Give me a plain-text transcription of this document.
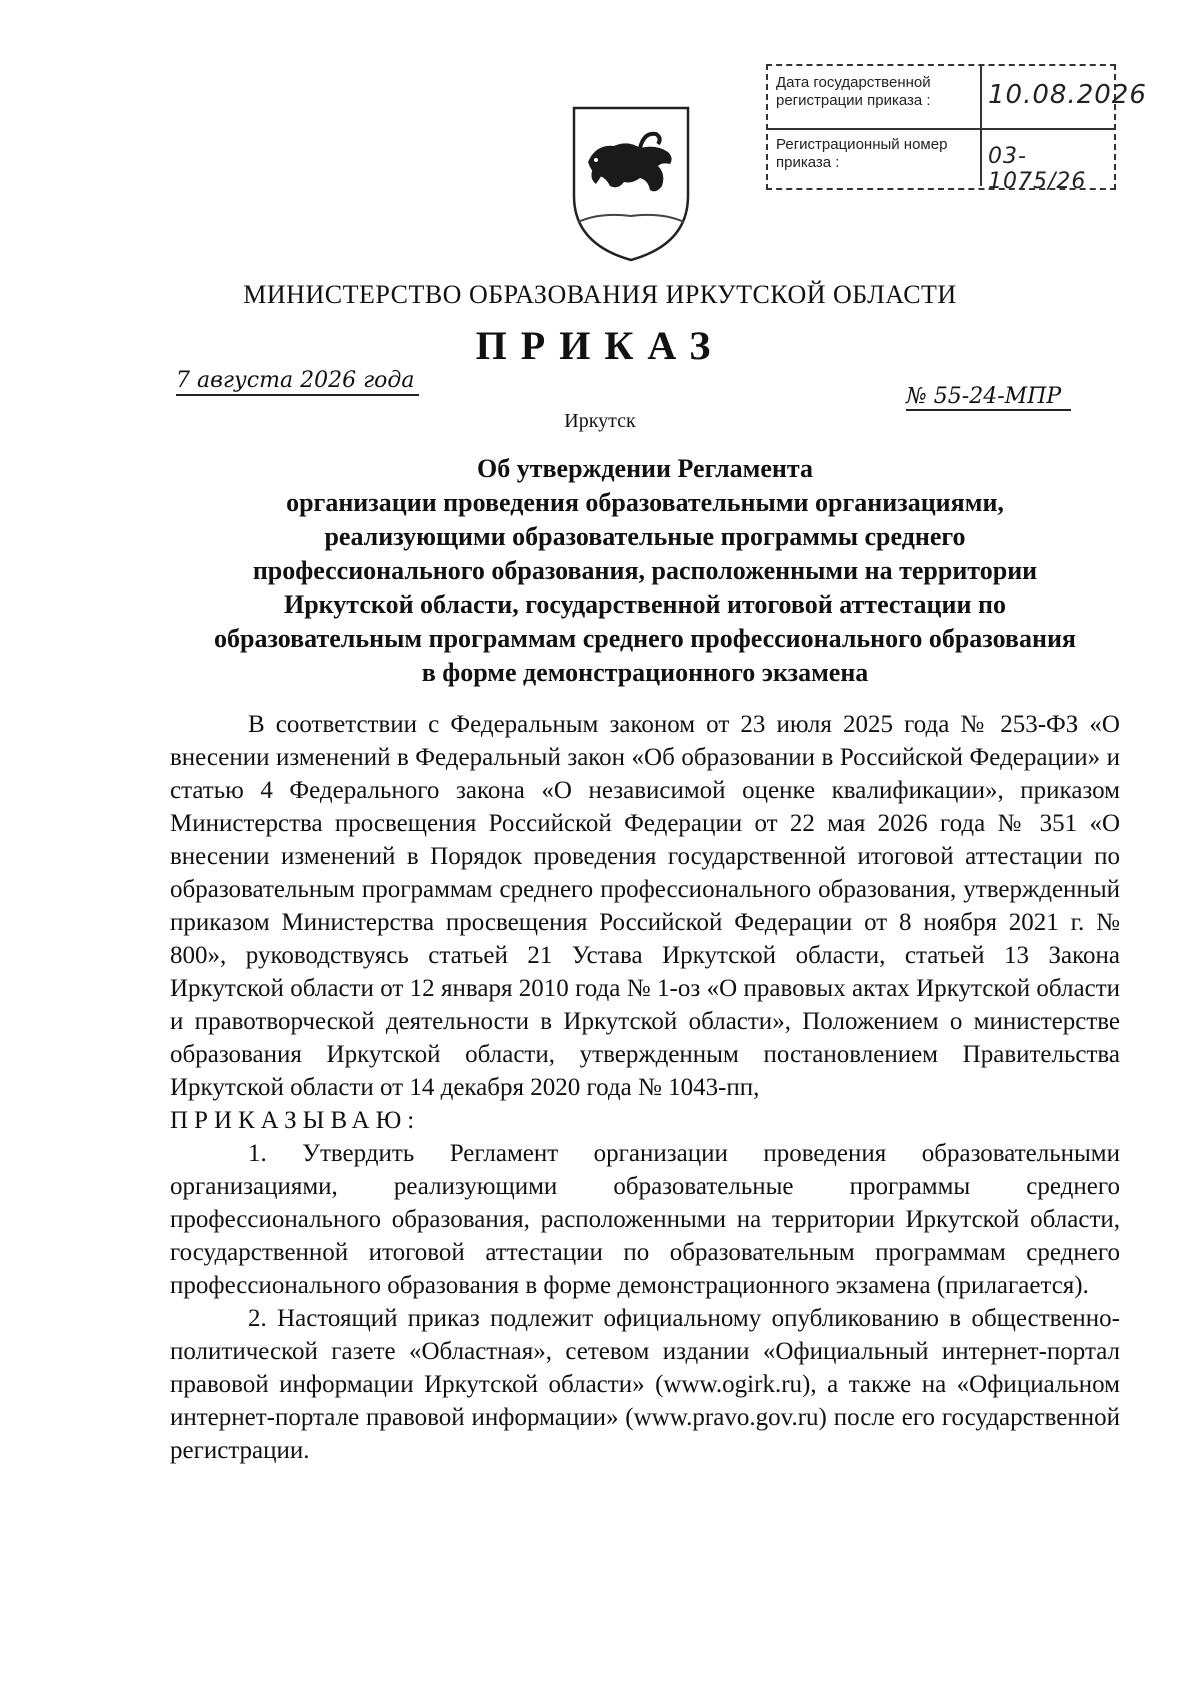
Дата государственной регистрации приказа :	10.08.2026
Регистрационный номер приказа :	03-1075/26
МИНИСТЕРСТВО ОБРАЗОВАНИЯ ИРКУТСКОЙ ОБЛАСТИ
ПРИКАЗ
7 августа 2026 года
№ 55-24-МПР
Иркутск
Об утверждении Регламента
организации проведения образовательными организациями,
реализующими образовательные программы среднего
профессионального образования, расположенными на территории
Иркутской области, государственной итоговой аттестации по
образовательным программам среднего профессионального образования
в форме демонстрационного экзамена

В соответствии с Федеральным законом от 23 июля 2025 года № 253-ФЗ «О внесении изменений в Федеральный закон «Об образовании в Российской Федерации» и статью 4 Федерального закона «О независимой оценке квалификации», приказом Министерства просвещения Российской Федерации от 22 мая 2026 года № 351 «О внесении изменений в Порядок проведения государственной итоговой аттестации по образовательным программам среднего профессионального образования, утвержденный приказом Министерства просвещения Российской Федерации от 8 ноября 2021 г. № 800», руководствуясь статьей 21 Устава Иркутской области, статьей 13 Закона Иркутской области от 12 января 2010 года № 1-оз «О правовых актах Иркутской области и правотворческой деятельности в Иркутской области», Положением о министерстве образования Иркутской области, утвержденным постановлением Правительства Иркутской области от 14 декабря 2020 года № 1043-пп,

ПРИКАЗЫВАЮ:

1. Утвердить Регламент организации проведения образовательными организациями, реализующими образовательные программы среднего профессионального образования, расположенными на территории Иркутской области, государственной итоговой аттестации по образовательным программам среднего профессионального образования в форме демонстрационного экзамена (прилагается).

2. Настоящий приказ подлежит официальному опубликованию в общественно-политической газете «Областная», сетевом издании «Официальный интернет-портал правовой информации Иркутской области» (www.ogirk.ru), а также на «Официальном интернет-портале правовой информации» (www.pravo.gov.ru) после его государственной регистрации.
